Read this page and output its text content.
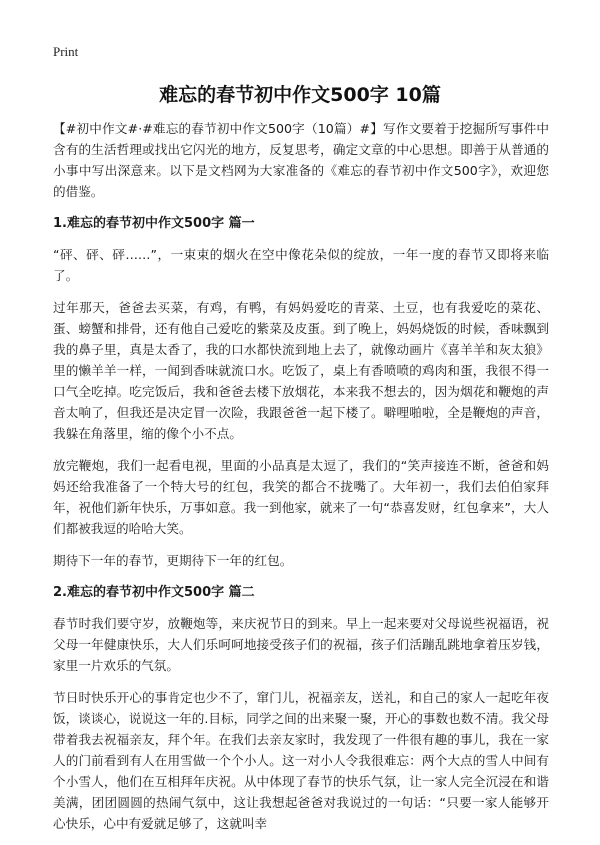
Print
难忘的春节初中作文500字 10篇

【#初中作文#·#难忘的春节初中作文500字（10篇）#】写作文要着于挖掘所写事件中含有的生活哲理或找出它闪光的地方，反复思考，确定文章的中心思想。即善于从普通的小事中写出深意来。以下是文档网为大家准备的《难忘的春节初中作文500字》，欢迎您的借鉴。

1.难忘的春节初中作文500字 篇一

“砰、砰、砰……”，一束束的烟火在空中像花朵似的绽放，一年一度的春节又即将来临了。

过年那天，爸爸去买菜，有鸡，有鸭，有妈妈爱吃的青菜、土豆，也有我爱吃的菜花、蛋、螃蟹和排骨，还有他自己爱吃的紫菜及皮蛋。到了晚上，妈妈烧饭的时候，香味飘到我的鼻子里，真是太香了，我的口水都快流到地上去了，就像动画片《喜羊羊和灰太狼》里的懒羊羊一样，一闻到香味就流口水。吃饭了，桌上有香喷喷的鸡肉和蛋，我很不得一口气全吃掉。吃完饭后，我和爸爸去楼下放烟花，本来我不想去的，因为烟花和鞭炮的声音太响了，但我还是决定冒一次险，我跟爸爸一起下楼了。噼哩啪啦，全是鞭炮的声音，我躲在角落里，缩的像个小不点。

放完鞭炮，我们一起看电视，里面的小品真是太逗了，我们的“笑声接连不断，爸爸和妈妈还给我准备了一个特大号的红包，我笑的都合不拢嘴了。大年初一，我们去伯伯家拜年，祝他们新年快乐，万事如意。我一到他家，就来了一句“恭喜发财，红包拿来”，大人们都被我逗的哈哈大笑。

期待下一年的春节，更期待下一年的红包。

2.难忘的春节初中作文500字 篇二

春节时我们要守岁，放鞭炮等，来庆祝节日的到来。早上一起来要对父母说些祝福语，祝父母一年健康快乐，大人们乐呵呵地接受孩子们的祝福，孩子们活蹦乱跳地拿着压岁钱，家里一片欢乐的气氛。

节日时快乐开心的事肯定也少不了，窜门儿，祝福亲友，送礼，和自己的家人一起吃年夜饭，谈谈心，说说这一年的.目标，同学之间的出来聚一聚，开心的事数也数不清。我父母带着我去祝福亲友，拜个年。在我们去亲友家时，我发现了一件很有趣的事儿，我在一家人的门前看到有人在用雪做一个个小人。这一对小人令我很难忘：两个大点的雪人中间有个小雪人，他们在互相拜年庆祝。从中体现了春节的快乐气氛，让一家人完全沉浸在和谐美满，团团圆圆的热闹气氛中，这让我想起爸爸对我说过的一句话：“只要一家人能够开心快乐，心中有爱就足够了，这就叫幸
